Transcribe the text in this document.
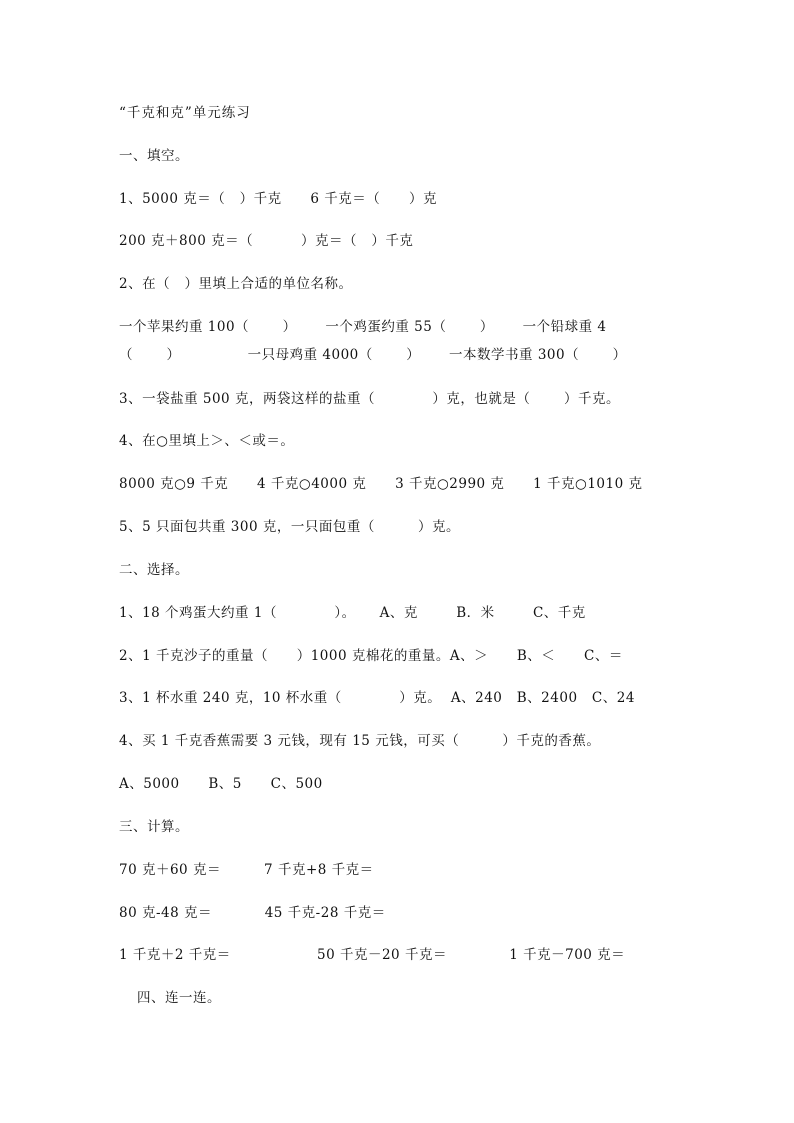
“千克和克”单元练习
一、填空。
1、5000 克＝（   ）千克      6 千克＝（      ）克
200 克＋800 克＝（          ）克＝（   ）千克
2、在（   ）里填上合适的单位名称。
一个苹果约重 100（       ）      一个鸡蛋约重 55（       ）      一个铅球重 4
（       ）              一只母鸡重 4000（       ）      一本数学书重 300（       ）
3、一袋盐重 500 克，两袋这样的盐重（            ）克，也就是（       ）千克。
4、在○里填上＞、＜或＝。
8000 克○9 千克      4 千克○4000 克      3 千克○2990 克      1 千克○1010 克
5、5 只面包共重 300 克，一只面包重（         ）克。
二、选择。
1、18 个鸡蛋大约重 1（            ）。     A、克        B．米        C、千克
2、1 千克沙子的重量（      ）1000 克棉花的重量。A、＞      B、＜      C、＝
3、1 杯水重 240 克，10 杯水重（            ）克。  A、240   B、2400   C、24
4、买 1 千克香蕉需要 3 元钱，现有 15 元钱，可买（         ）千克的香蕉。
A、5000      B、5      C、500
三、计算。
70 克＋60 克＝         7 千克+8 千克＝
80 克-48 克＝           45 千克-28 千克＝
1 千克＋2 千克＝                  50 千克－20 千克＝             1 千克－700 克＝
四、连一连。
